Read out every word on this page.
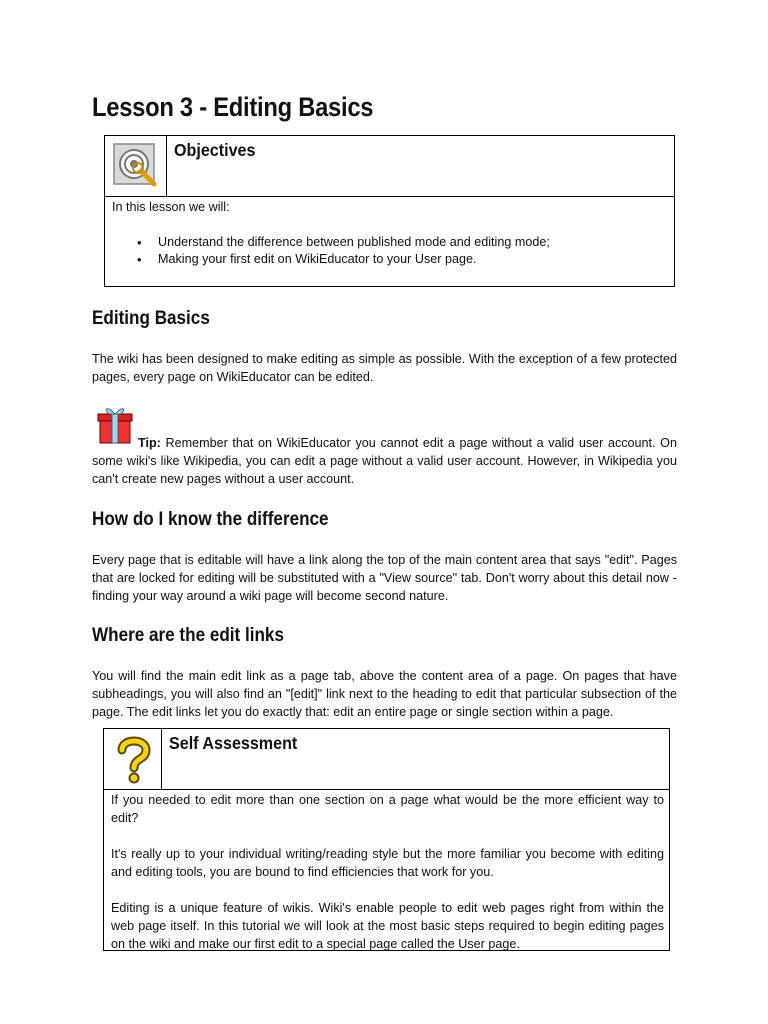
Lesson 3 - Editing Basics
Objectives
In this lesson we will:
• Understand the difference between published mode and editing mode;
• Making your first edit on WikiEducator to your User page.
Editing Basics
The wiki has been designed to make editing as simple as possible. With the exception of a few protected pages, every page on WikiEducator can be edited.
Tip: Remember that on WikiEducator you cannot edit a page without a valid user account. On some wiki's like Wikipedia, you can edit a page without a valid user account. However, in Wikipedia you can't create new pages without a user account.
How do I know the difference
Every page that is editable will have a link along the top of the main content area that says "edit". Pages that are locked for editing will be substituted with a "View source" tab. Don't worry about this detail now - finding your way around a wiki page will become second nature.
Where are the edit links
You will find the main edit link as a page tab, above the content area of a page. On pages that have subheadings, you will also find an "[edit]" link next to the heading to edit that particular subsection of the page. The edit links let you do exactly that: edit an entire page or single section within a page.
Self Assessment
If you needed to edit more than one section on a page what would be the more efficient way to edit?
It's really up to your individual writing/reading style but the more familiar you become with editing and editing tools, you are bound to find efficiencies that work for you.
Editing is a unique feature of wikis. Wiki's enable people to edit web pages right from within the web page itself. In this tutorial we will look at the most basic steps required to begin editing pages on the wiki and make our first edit to a special page called the User page.
